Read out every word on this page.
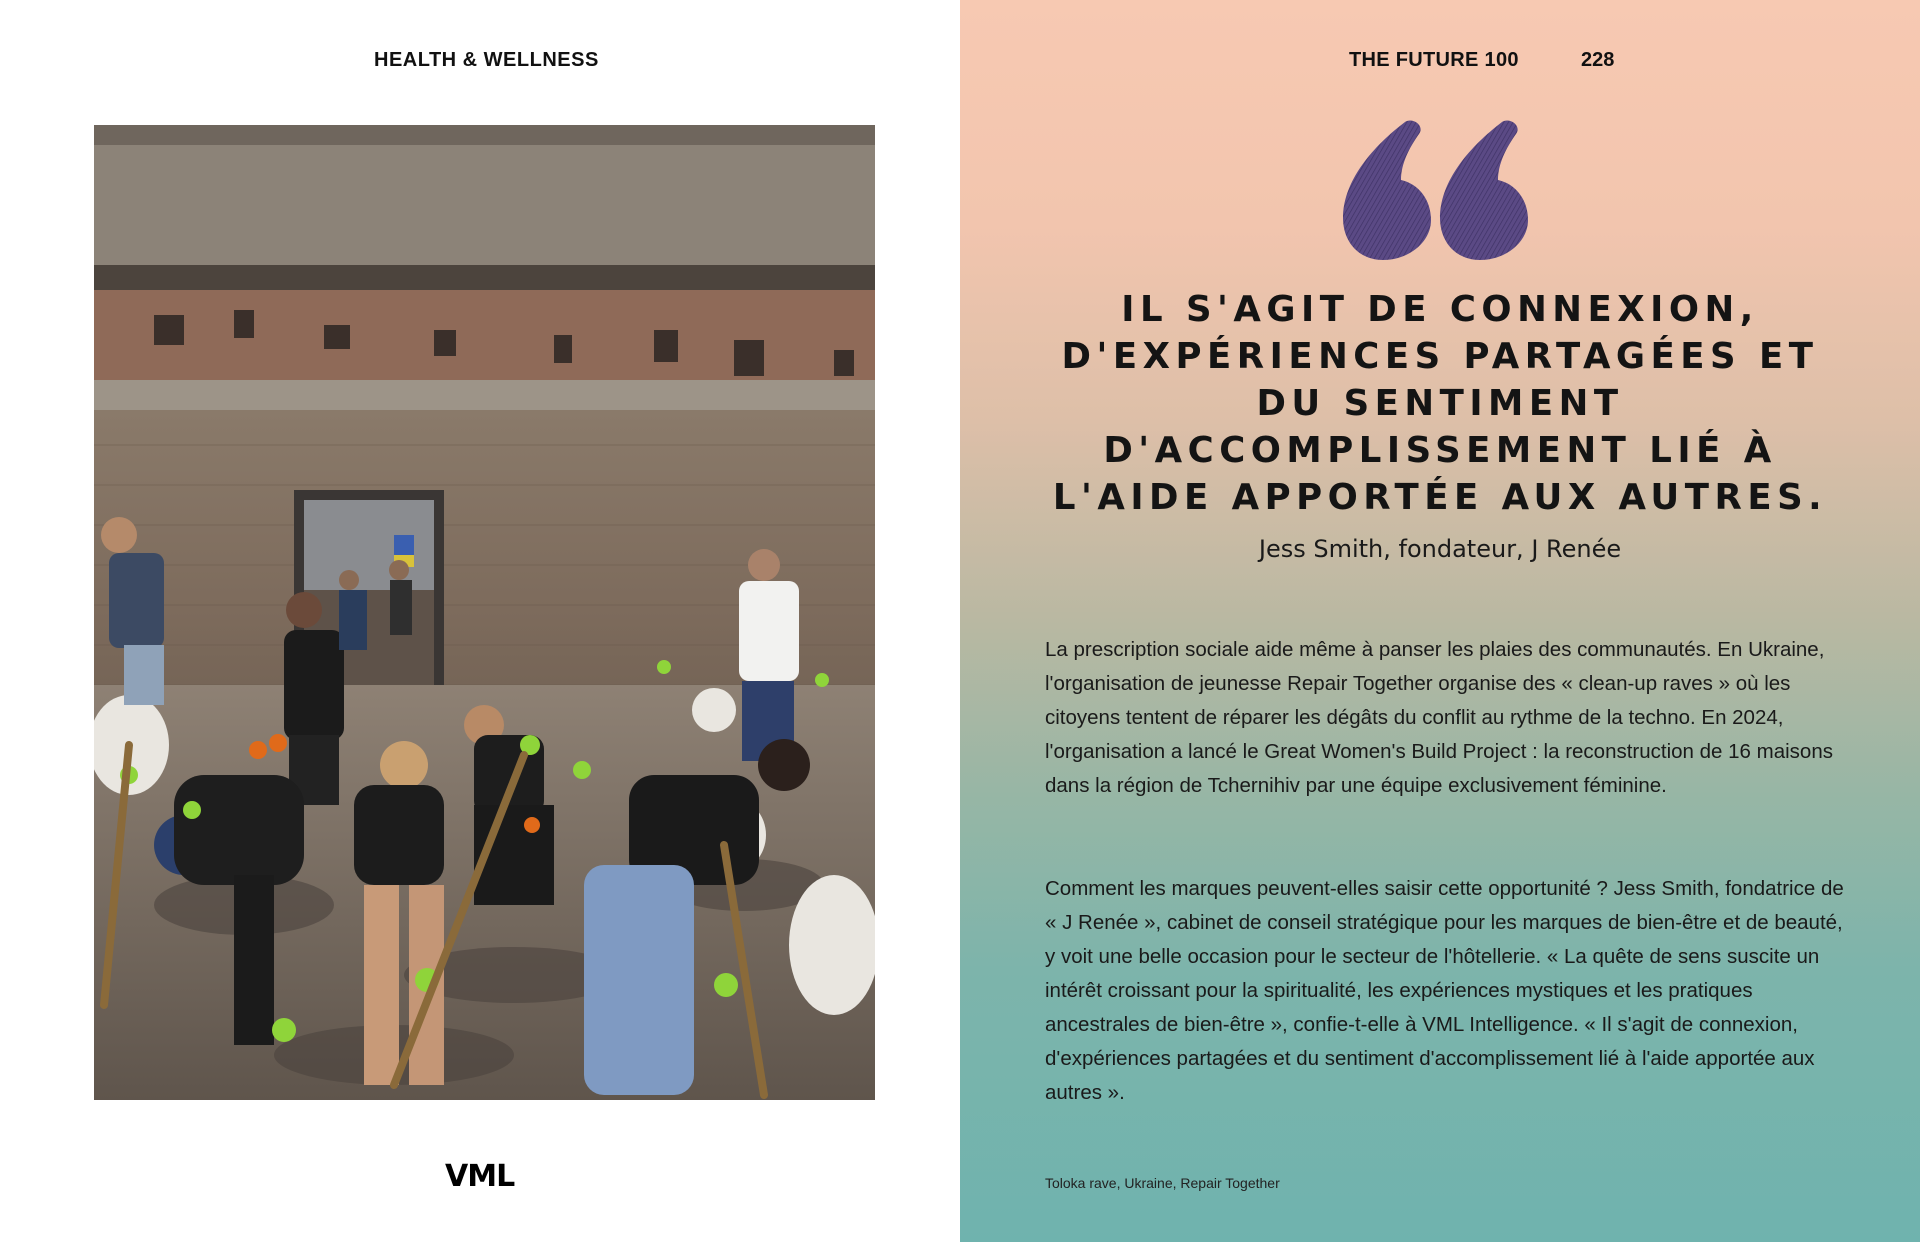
HEALTH & WELLNESS
VML
THE FUTURE 100	228

IL S'AGIT DE CONNEXION, D'EXPÉRIENCES PARTAGÉES ET DU SENTIMENT D'ACCOMPLISSEMENT LIÉ À L'AIDE APPORTÉE AUX AUTRES.

Jess Smith, fondateur, J Renée

La prescription sociale aide même à panser les plaies des communautés. En Ukraine, l'organisation de jeunesse Repair Together organise des « clean-up raves » où les citoyens tentent de réparer les dégâts du conflit au rythme de la techno. En 2024, l'organisation a lancé le Great Women's Build Project : la reconstruction de 16 maisons dans la région de Tchernihiv par une équipe exclusivement féminine.

Comment les marques peuvent-elles saisir cette opportunité ? Jess Smith, fondatrice de « J Renée », cabinet de conseil stratégique pour les marques de bien-être et de beauté, y voit une belle occasion pour le secteur de l'hôtellerie. « La quête de sens suscite un intérêt croissant pour la spiritualité, les expériences mystiques et les pratiques ancestrales de bien-être », confie-t-elle à VML Intelligence. « Il s'agit de connexion, d'expériences partagées et du sentiment d'accomplissement lié à l'aide apportée aux autres ».

Toloka rave, Ukraine, Repair Together
